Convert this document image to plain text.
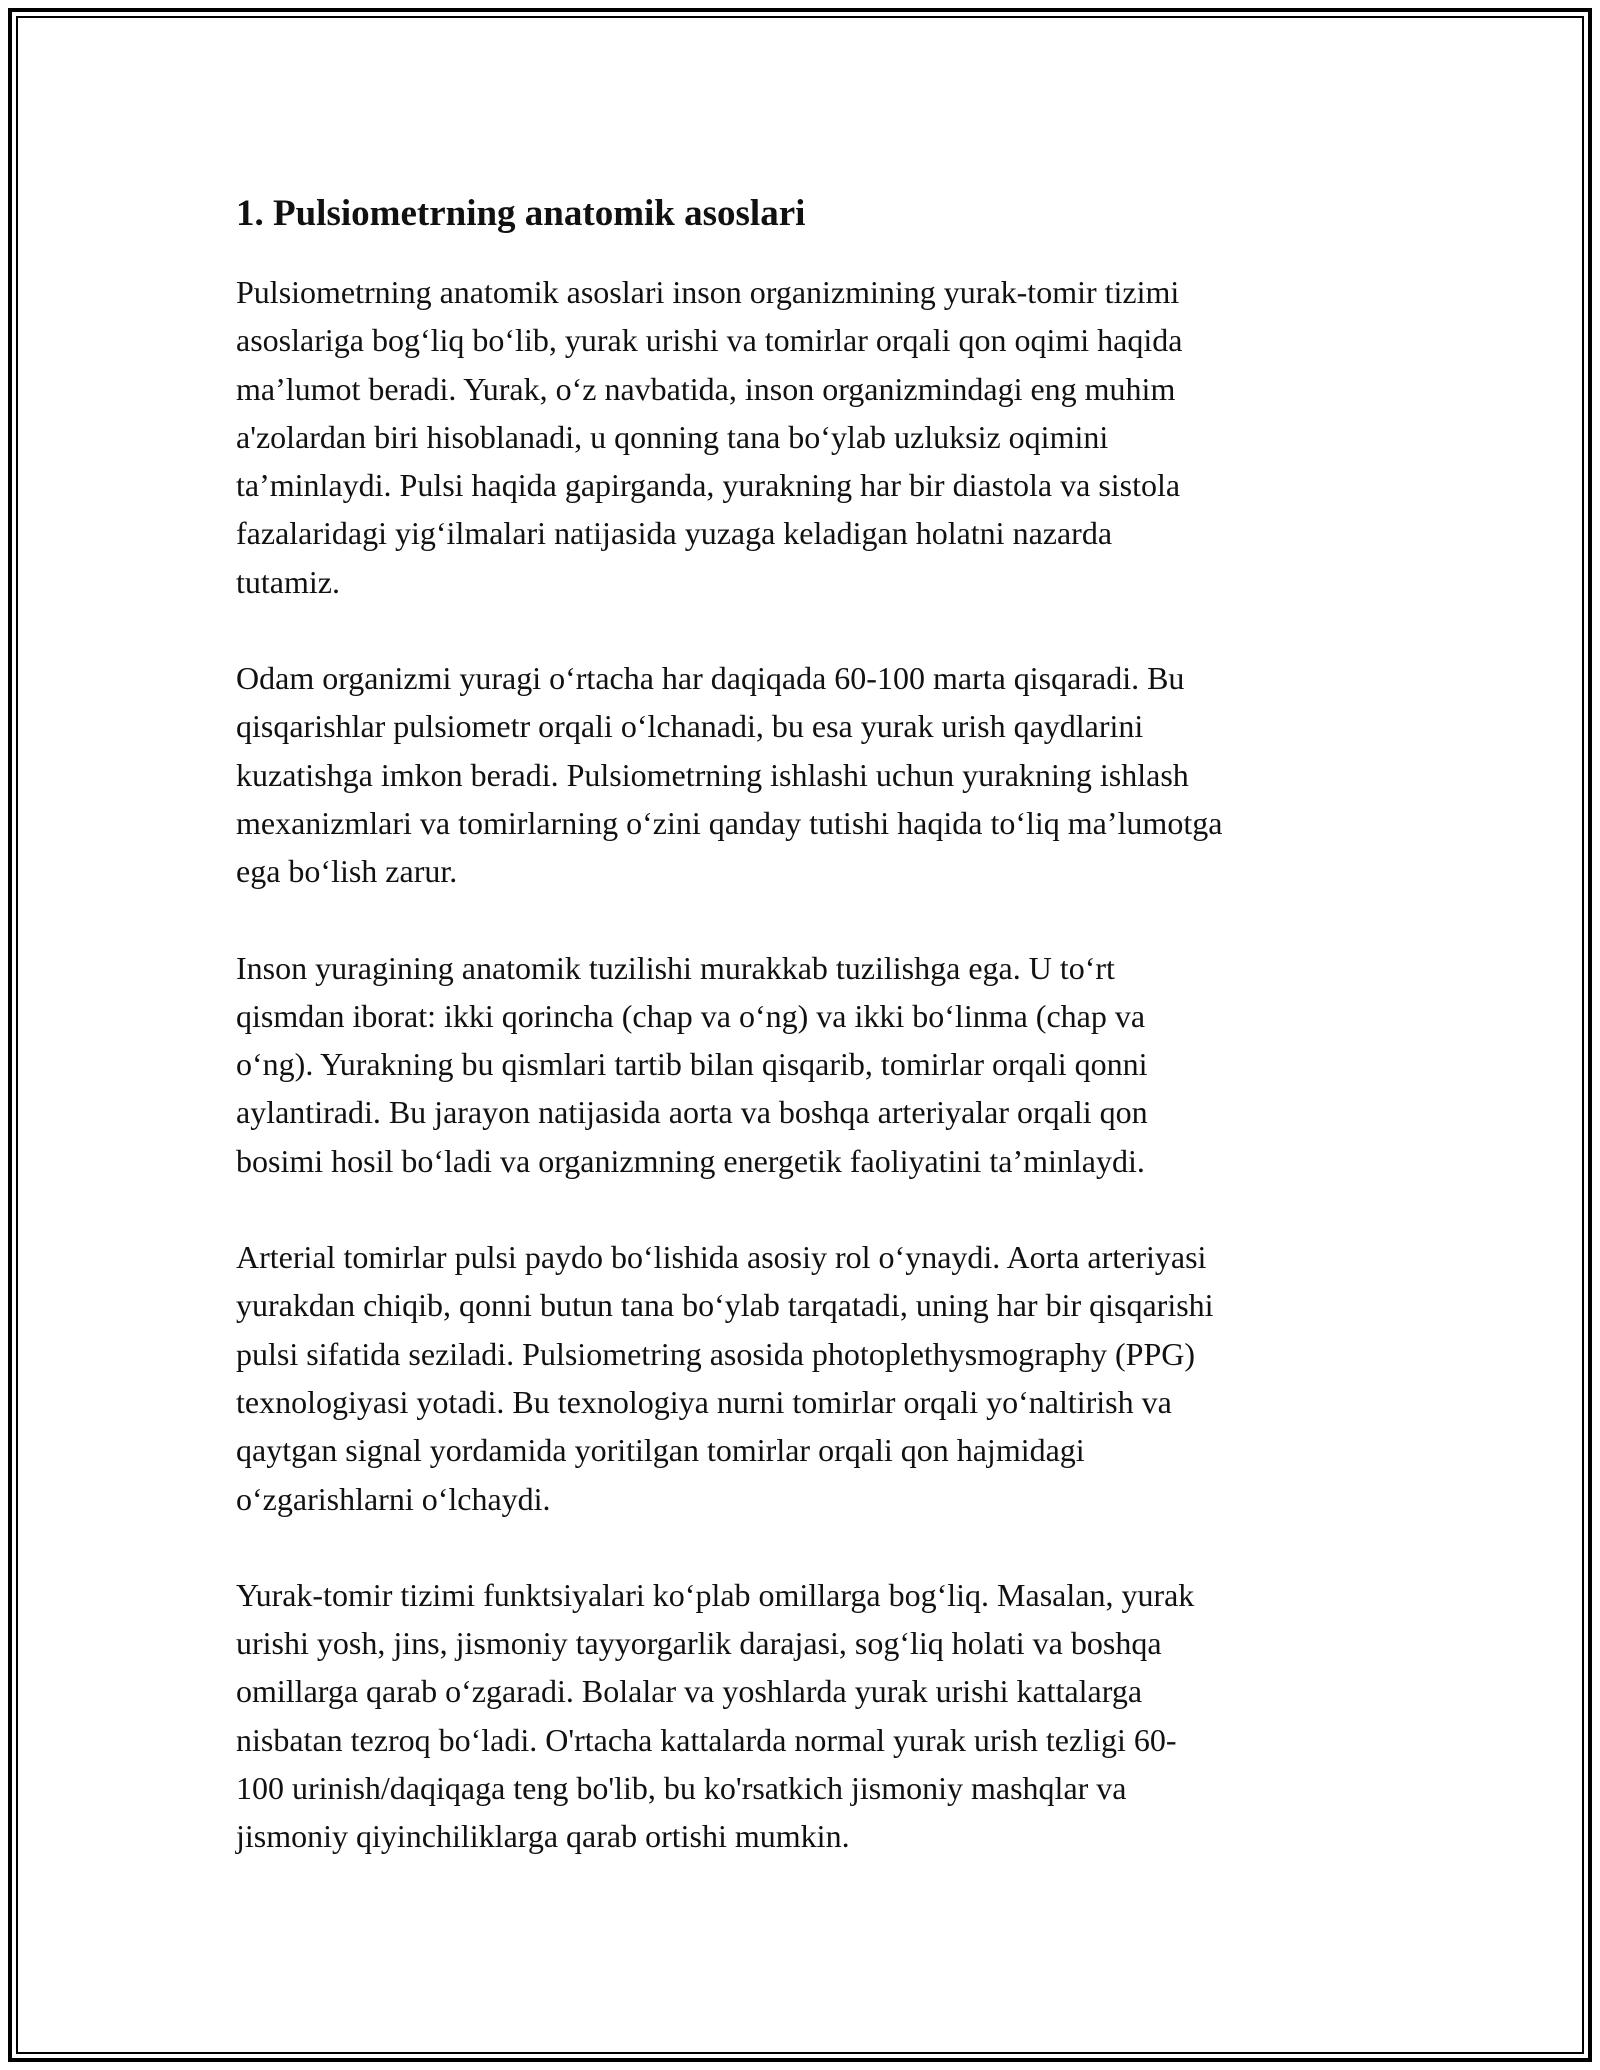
1. Pulsiometrning anatomik asoslari

Pulsiometrning anatomik asoslari inson organizmining yurak-tomir tizimi
asoslariga bog‘liq bo‘lib, yurak urishi va tomirlar orqali qon oqimi haqida
ma’lumot beradi. Yurak, o‘z navbatida, inson organizmindagi eng muhim
a'zolardan biri hisoblanadi, u qonning tana bo‘ylab uzluksiz oqimini
ta’minlaydi. Pulsi haqida gapirganda, yurakning har bir diastola va sistola
fazalaridagi yig‘ilmalari natijasida yuzaga keladigan holatni nazarda
tutamiz.

Odam organizmi yuragi o‘rtacha har daqiqada 60-100 marta qisqaradi. Bu
qisqarishlar pulsiometr orqali o‘lchanadi, bu esa yurak urish qaydlarini
kuzatishga imkon beradi. Pulsiometrning ishlashi uchun yurakning ishlash
mexanizmlari va tomirlarning o‘zini qanday tutishi haqida to‘liq ma’lumotga
ega bo‘lish zarur.

Inson yuragining anatomik tuzilishi murakkab tuzilishga ega. U to‘rt
qismdan iborat: ikki qorincha (chap va o‘ng) va ikki bo‘linma (chap va
o‘ng). Yurakning bu qismlari tartib bilan qisqarib, tomirlar orqali qonni
aylantiradi. Bu jarayon natijasida aorta va boshqa arteriyalar orqali qon
bosimi hosil bo‘ladi va organizmning energetik faoliyatini ta’minlaydi.

Arterial tomirlar pulsi paydo bo‘lishida asosiy rol o‘ynaydi. Aorta arteriyasi
yurakdan chiqib, qonni butun tana bo‘ylab tarqatadi, uning har bir qisqarishi
pulsi sifatida seziladi. Pulsiometring asosida photoplethysmography (PPG)
texnologiyasi yotadi. Bu texnologiya nurni tomirlar orqali yo‘naltirish va
qaytgan signal yordamida yoritilgan tomirlar orqali qon hajmidagi
o‘zgarishlarni o‘lchaydi.

Yurak-tomir tizimi funktsiyalari ko‘plab omillarga bog‘liq. Masalan, yurak
urishi yosh, jins, jismoniy tayyorgarlik darajasi, sog‘liq holati va boshqa
omillarga qarab o‘zgaradi. Bolalar va yoshlarda yurak urishi kattalarga
nisbatan tezroq bo‘ladi. O'rtacha kattalarda normal yurak urish tezligi 60-
100 urinish/daqiqaga teng bo'lib, bu ko'rsatkich jismoniy mashqlar va
jismoniy qiyinchiliklarga qarab ortishi mumkin.
